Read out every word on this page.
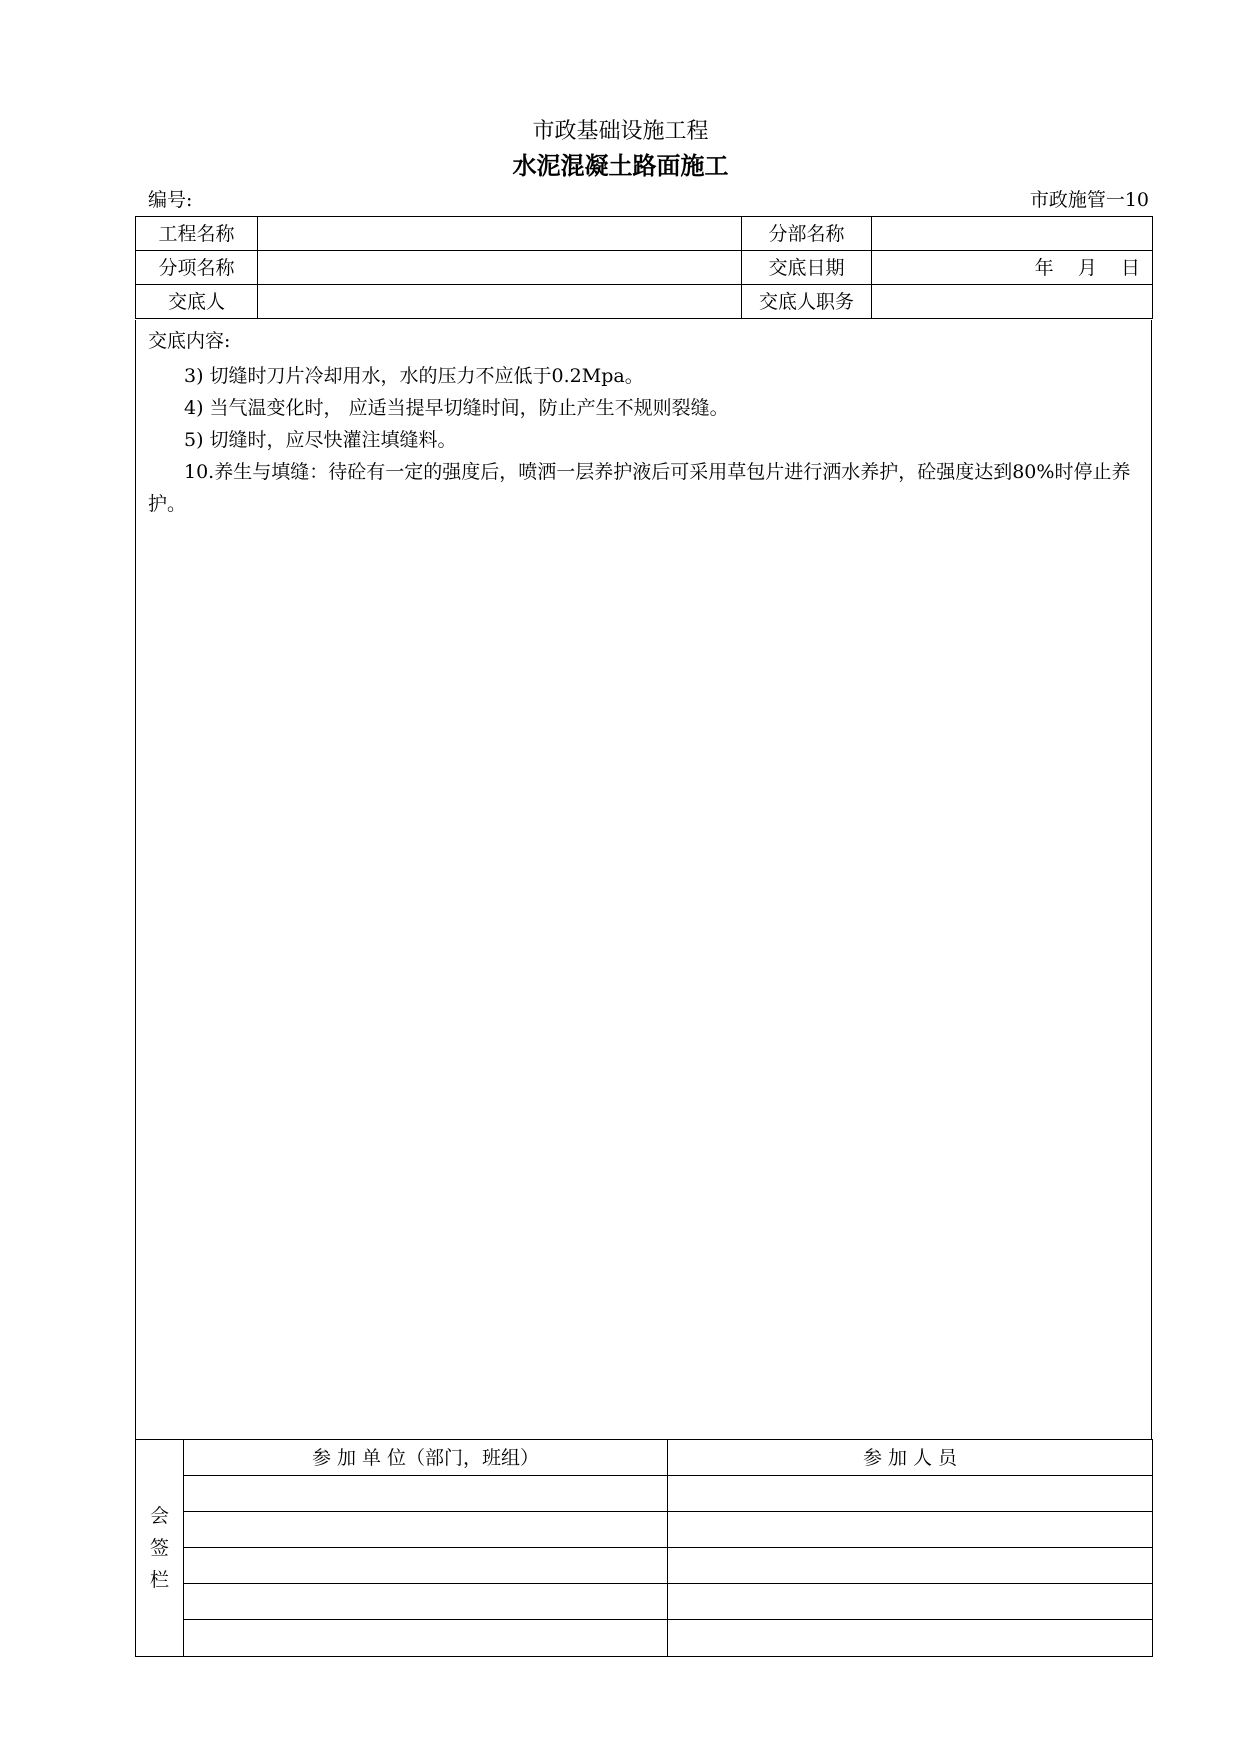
市政基础设施工程
水泥混凝土路面施工
编号:	市政施管一10
工程名称		分部名称	
分项名称		交底日期	年    月    日
交底人		交底人职务	
交底内容:

3) 切缝时刀片冷却用水，水的压力不应低于0.2Mpa。

4) 当气温变化时， 应适当提早切缝时间，防止产生不规则裂缝。

5) 切缝时，应尽快灌注填缝料。

10.养生与填缝：待砼有一定的强度后，喷洒一层养护液后可采用草包片进行洒水养护，砼强度达到80%时停止养护。

会
签
栏	参 加 单 位（部门，班组）	参 加 人 员
